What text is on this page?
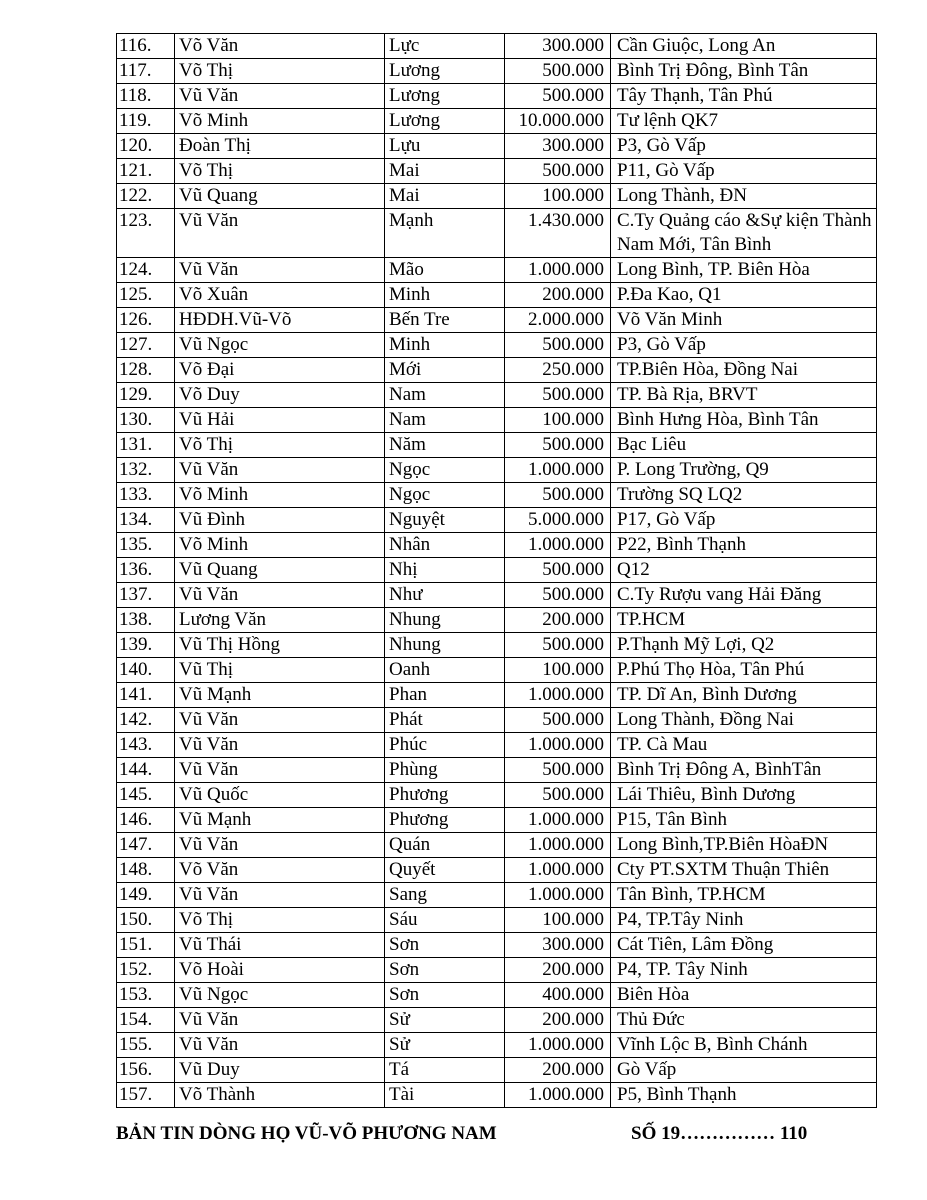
116.	Võ Văn	Lực	300.000	Cần Giuộc, Long An
117.	Võ Thị	Lương	500.000	Bình Trị Đông, Bình Tân
118.	Vũ Văn	Lương	500.000	Tây Thạnh, Tân Phú
119.	Võ Minh	Lương	10.000.000	Tư lệnh QK7
120.	Đoàn Thị	Lựu	300.000	P3, Gò Vấp
121.	Võ Thị	Mai	500.000	P11, Gò Vấp
122.	Vũ Quang	Mai	100.000	Long Thành, ĐN
123.	Vũ Văn	Mạnh	1.430.000	C.Ty Quảng cáo &Sự kiện Thành Nam Mới, Tân Bình
124.	Vũ Văn	Mão	1.000.000	Long Bình, TP. Biên Hòa
125.	Võ Xuân	Minh	200.000	P.Đa Kao, Q1
126.	HĐDH.Vũ-Võ	Bến Tre	2.000.000	Võ Văn Minh
127.	Vũ Ngọc	Minh	500.000	P3, Gò Vấp
128.	Võ Đại	Mới	250.000	TP.Biên Hòa, Đồng Nai
129.	Võ Duy	Nam	500.000	TP. Bà Rịa, BRVT
130.	Vũ Hải	Nam	100.000	Bình Hưng Hòa, Bình Tân
131.	Võ Thị	Năm	500.000	Bạc Liêu
132.	Vũ Văn	Ngọc	1.000.000	P. Long Trường, Q9
133.	Võ Minh	Ngọc	500.000	Trường SQ LQ2
134.	Vũ Đình	Nguyệt	5.000.000	P17, Gò Vấp
135.	Võ Minh	Nhân	1.000.000	P22, Bình Thạnh
136.	Vũ Quang	Nhị	500.000	Q12
137.	Vũ Văn	Như	500.000	C.Ty Rượu vang Hải Đăng
138.	Lương Văn	Nhung	200.000	TP.HCM
139.	Vũ Thị Hồng	Nhung	500.000	P.Thạnh Mỹ Lợi, Q2
140.	Vũ Thị	Oanh	100.000	P.Phú Thọ Hòa, Tân Phú
141.	Vũ Mạnh	Phan	1.000.000	TP. Dĩ An, Bình Dương
142.	Vũ Văn	Phát	500.000	Long Thành, Đồng Nai
143.	Vũ Văn	Phúc	1.000.000	TP. Cà Mau
144.	Vũ Văn	Phùng	500.000	Bình Trị Đông A, BìnhTân
145.	Vũ Quốc	Phương	500.000	Lái Thiêu, Bình Dương
146.	Vũ Mạnh	Phương	1.000.000	P15, Tân Bình
147.	Vũ Văn	Quán	1.000.000	Long Bình,TP.Biên HòaĐN
148.	Võ Văn	Quyết	1.000.000	Cty PT.SXTM Thuận Thiên
149.	Vũ Văn	Sang	1.000.000	Tân Bình, TP.HCM
150.	Võ Thị	Sáu	100.000	P4, TP.Tây Ninh
151.	Vũ Thái	Sơn	300.000	Cát Tiên, Lâm Đồng
152.	Võ Hoài	Sơn	200.000	P4, TP. Tây Ninh
153.	Vũ Ngọc	Sơn	400.000	Biên Hòa
154.	Vũ Văn	Sử	200.000	Thủ Đức
155.	Vũ Văn	Sử	1.000.000	Vĩnh Lộc B, Bình Chánh
156.	Vũ Duy	Tá	200.000	Gò Vấp
157.	Võ Thành	Tài	1.000.000	P5, Bình Thạnh
BẢN TIN DÒNG HỌ VŨ-VÕ PHƯƠNG NAM	SỐ 19…………… 110
